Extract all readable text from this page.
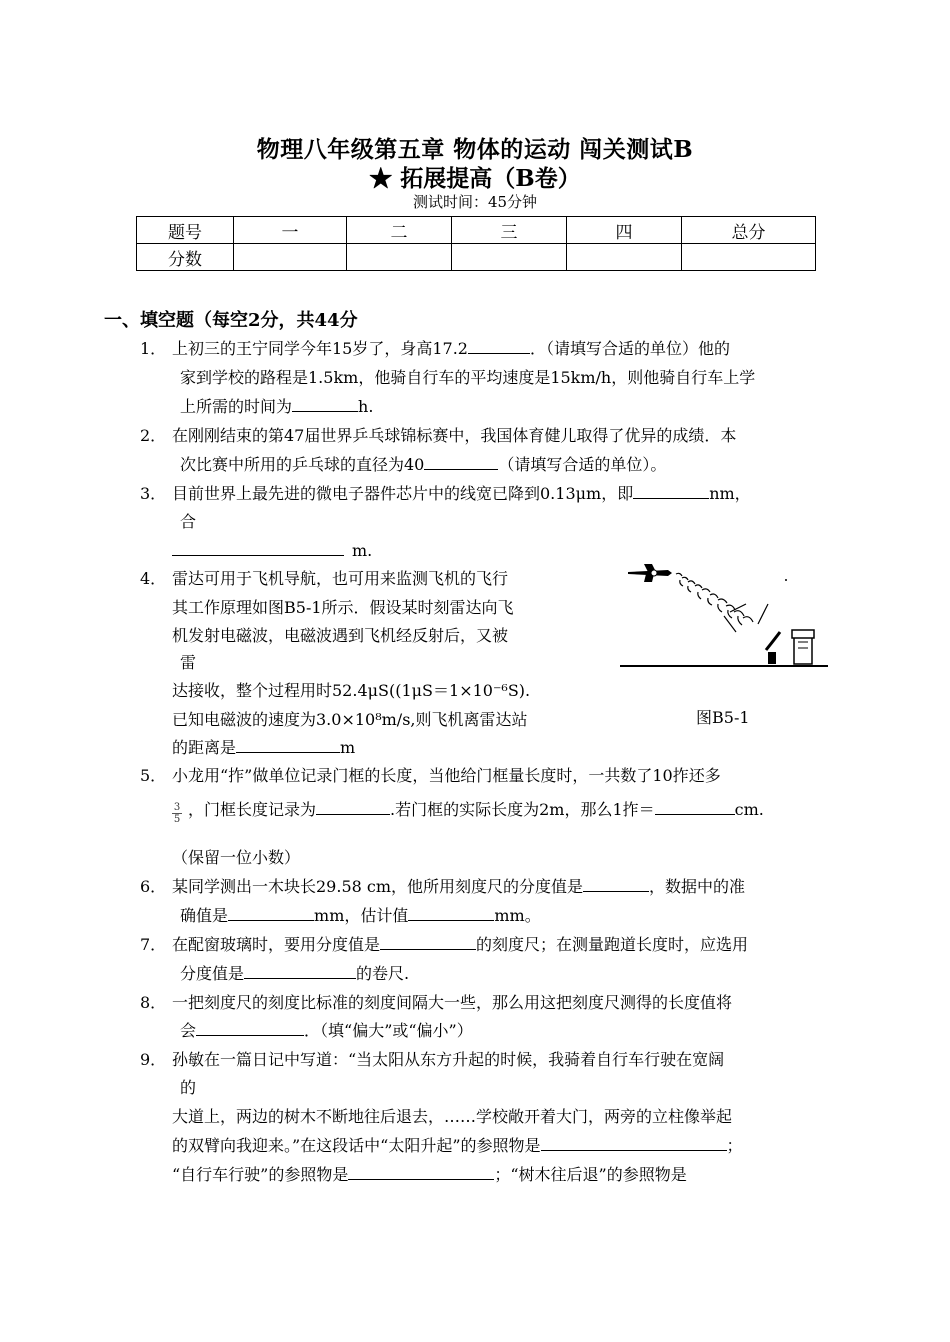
物理八年级第五章 物体的运动 闯关测试B
★ 拓展提高（B卷）
测试时间：45分钟
题号	一	二	三	四	总分
分数					
一、填空题（每空2分，共44分
1． 上初三的王宁同学今年15岁了，身高17.2	．（请填写合适的单位）他的
家到学校的路程是1.5km，他骑自行车的平均速度是15km/h，则他骑自行车上学
上所需的时间为	h.
2． 在刚刚结束的第47届世界乒乓球锦标赛中，我国体育健儿取得了优异的成绩．本
次比赛中所用的乒乓球的直径为40	（请填写合适的单位）。
3． 目前世界上最先进的微电子器件芯片中的线宽已降到0.13μm，即	nm，
合
m.
4． 雷达可用于飞机导航，也可用来监测飞机的飞行
其工作原理如图B5-1所示．假设某时刻雷达向飞
机发射电磁波，电磁波遇到飞机经反射后，又被
雷
达接收，整个过程用时52.4μS((1μS＝1×10⁻⁶S).
已知电磁波的速度为3.0×10⁸m/s,则飞机离雷达站
的距离是	m
图B5-1
5． 小龙用“拃”做单位记录门框的长度，当他给门框量长度时，一共数了10拃还多
$\frac{3}{5}$ ，门框长度记录为	.若门框的实际长度为2m，那么1拃＝	cm.
（保留一位小数）
6． 某同学测出一木块长29.58 cm，他所用刻度尺的分度值是	，数据中的准
确值是	mm，估计值	mm。
7． 在配窗玻璃时，要用分度值是	的刻度尺；在测量跑道长度时，应选用
分度值是	的卷尺.
8． 一把刻度尺的刻度比标准的刻度间隔大一些，那么用这把刻度尺测得的长度值将
会	．（填“偏大”或“偏小”）
9． 孙敏在一篇日记中写道：“当太阳从东方升起的时候，我骑着自行车行驶在宽阔
的
大道上，两边的树木不断地往后退去，……学校敞开着大门，两旁的立柱像举起
的双臂向我迎来。”在这段话中“太阳升起”的参照物是	；
“自行车行驶”的参照物是	；“树木往后退”的参照物是
